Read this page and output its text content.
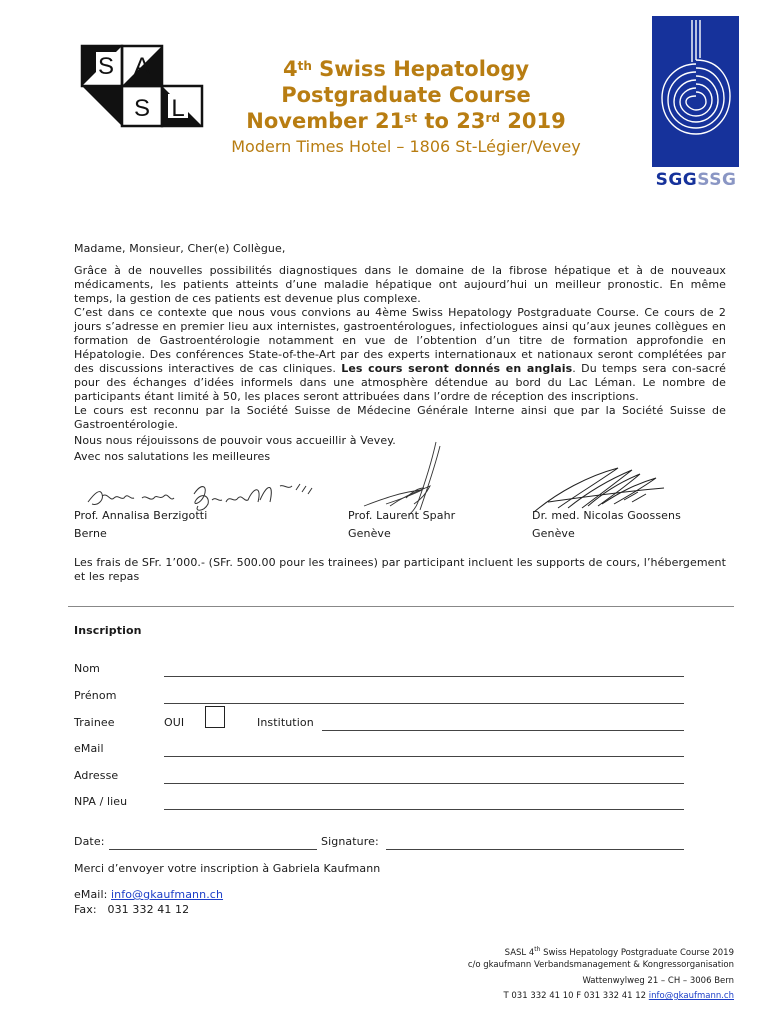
S A
S L
4th Swiss Hepatology
Postgraduate Course
November 21st to 23rd 2019
Modern Times Hotel – 1806 St-Légier/Vevey
SGGSSG
Madame, Monsieur, Cher(e) Collègue,
Grâce à de nouvelles possibilités diagnostiques dans le domaine de la fibrose hépatique et à de nouveaux médicaments, les patients atteints d’une maladie hépatique ont aujourd’hui un meilleur pronostic. En même temps, la gestion de ces patients est devenue plus complexe.
C’est dans ce contexte que nous vous convions au 4ème Swiss Hepatology Postgraduate Course. Ce cours de 2 jours s’adresse en premier lieu aux internistes, gastroentérologues, infectiologues ainsi qu’aux jeunes collègues en formation de Gastroentérologie notamment en vue de l’obtention d’un titre de formation approfondie en Hépatologie. Des conférences State-of-the-Art par des experts internationaux et nationaux seront complétées par des discussions interactives de cas cliniques. Les cours seront donnés en anglais. Du temps sera con-sacré pour des échanges d’idées informels dans une atmosphère détendue au bord du Lac Léman. Le nombre de participants étant limité à 50, les places seront attribuées dans l’ordre de réception des inscriptions.
Le cours est reconnu par la Société Suisse de Médecine Générale Interne ainsi que par la Société Suisse de Gastroentérologie.
Nous nous réjouissons de pouvoir vous accueillir à Vevey.
Avec nos salutations les meilleures
Prof. Annalisa Berzigotti
Berne
Prof. Laurent Spahr
Genève
Dr. med. Nicolas Goossens
Genève
Les frais de SFr. 1’000.- (SFr. 500.00 pour les trainees) par participant incluent les supports de cours, l’hébergement et les repas
Inscription
Nom
Prénom
Trainee	OUI	Institution
eMail
Adresse
NPA / lieu
Date:	Signature:
Merci d’envoyer votre inscription à Gabriela Kaufmann
eMail: info@gkaufmann.ch
Fax: 031 332 41 12
SASL 4th Swiss Hepatology Postgraduate Course 2019
c/o gkaufmann Verbandsmanagement & Kongressorganisation
Wattenwylweg 21 – CH – 3006 Bern
T 031 332 41 10 F 031 332 41 12 info@gkaufmann.ch
